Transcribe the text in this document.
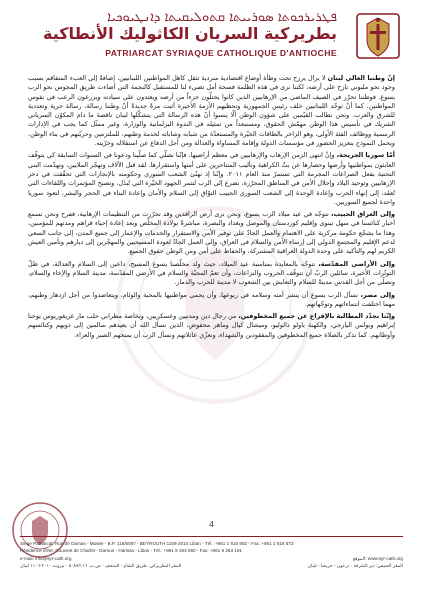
ܦܛܪܝܪܟܘܬܐ ܣܘܪܝܝܬܐ ܩܬܘܠܝܩܝܬܐ ܕܐܢܛܝܘܟܝܐ
بطريركية السريان الكاثوليك الأنطاكية
PATRIARCAT SYRIAQUE CATHOLIQUE D'ANTIOCHE

إنّ وطننا الغالي لبنان لا يزال يرزح تحت وطأة أوضاع اقتصادية متردية تثقل كاهل المواطنين اللبنانيين، إضافةً إلى العبء المتفاقم بسبب وجود نحو مليوني نازح على أرضه، لكننا نرى في هذه الظلمة فسحة أمل تضيء لنا للمستقبل كالنجمة التي أضاءت طريق المجوس نحو الرب يسوع. فوطننا تحرّر في الصيف الماضي من الإرهابيين الذين كانوا يحتلّون جزءاً من أرضه ويعتدون على سيادته ويزرعون الرعب في نفوس المواطنين. كما أنّ توحّد اللبنانيين خلف رئيس الجمهورية وتحظيهم الأزمة الأخيرة أثبت مرةً جديدةً أنّ وطننا رسالة، رسالة حرية وتعددية للشرق والغرب. ونحن نطالب القيّمين على شؤون الوطن ألّا ينسوا أنّ هذه الرسالة التي يتشكّلها لبنان ناقصة ما دام المكوّن السرياني الشريك في تأسيس هذا الوطن مهمّش الحقوق، ومستبعداً من تمثيله في الندوة البرلمانية والوزارة، وغير ممثّل كما يجب في الإدارات الرسمية ووظائف الفئة الأولى، وهو الزاخر بالطاقات الخيّرة والمستعدّة من شبابه وشاباته لخدمة وطنهم، للملتزمين وحريّتهم في بناء الوطن، ويحمل النموذج بتعزيز الحضور في مؤسسات الدولة وإقامة المساواة والعدالة ومن أجل الدفاع عن استقلاله وحرّيته.

أمّا سوريا الجريحة، وإنْ انتهى الزمن الإرهاب والإرهابيين في معظم أراضيها، فإنّنا نصلّي كما صلّينا ودعونا في السنوات السابقة كي يتوقّف العابثون بمواطنيها وأرضها وحصارها عن بثّ الكراهية وتأليب المتناحرين على أمنها واستقرارها. لقد قتل الآلاف وتهجّر الملايين، وتهدّمت البنى التحتية بفعل الصراعات المجرمة التي تستمرّ منذ العام ٢٠١١. وإنّنا إذ نهنّئ الشعب السوري وحكومته بالإنجازات التي تحقّقت في دحر الإرهابيين وتوحيد البلاد وإحلال الأمن في المناطق المحرّرة، نضرع إلى الرب لتثمر الجهود الخيّرة التي تُبذَل، وتصبح المؤتمرات واللقاءات التي تُعقَد، إلى إنهاء الحرب وإعادة الوحدة إلى الشعب السوري الحبيب التوّاق إلى السلام والأمان وإعادة البناء في الحجر والبشر، لتعود سوريا واحدة لجميع السوريين.

وإلى العراق الحبيب، نتوجّه في عيد ميلاد الرب يسوع، ونحن نرى أرض الرافدين وقد تحرّرت من التنظيمات الإرهابية، ففرح ونحن نسمع أخبار كنائسنا في سهل نينوى وإقليم كوردستان والموصل وبغداد والبصرة، مباشرةً بولادة المخلّص وبعد إعادة إحياء قراهم ومدنهم للمؤمنين، وهذا ما يشجّع حكومة مركزية على الاهتمام والعمل الجادّ على توفير الأمن والاستقرار والخدمات والإعمار إلى جميع المدن، إلى جانب السعي لدعم الإقليم والمجتمع الدولي إلى إرساء الأمن والسلام في العراق، وإلى العمل الجادّ لعودة المسيحيين والمهجّرين إلى ديارهم وتأمين العيش الكريم لهم والتأكيد على وحدة الدولة العراقية المشتركة، والحفاظ على أمن ومن الوطن حقوق الجميع.

وإلى الأراضي المقدّسة، نتوجّه بالمعايدة بمناسبة عيد الميلاد، حيث ولد مخلّصنا يسوع المسيح، داعين إلى السلام والعدالة، في ظلّ التوتّرات الأخيرة، سائلين الربّ أن تتوقّف الحروب والنزاعات، وأن تعمّ المحبّة والسلام في الأرضي المقدّسة، مدينة السلام والإخاء والسلام، ونصلّي من أجل القدس مدينةً للسلام والتعايش بين الشعوب لا مدينة للحرب والدمار.

وإلى مصر، نسأل الرب يسوع أن ينشر أمنه وسلامه في ربوعها، وأن يحمي مواطنيها بالمحبة والوئام، ويتعاضدوا من أجل ازدهار وطنهم، مهما اختلفت انتماءاتهم وتوجّهاتهم.

وإنّنا نجدّد المطالبة بالإفراج عن جميع المخطوفين، من رجال دين ومدنيين وعسكريين، وبخاصة مطراني حلب مار غريغوريوس يوحنا إبراهيم وبولس اليازجي، والكهنة باولو دالوليو، وميشال كيال وماهر محفوض، الذين نسأل الله أن يعيدهم سالمين إلى ذويهم وكنائسهم وأوطانهم. كما نذكر بالصلاة جميع المخطوفين والمفقودين والشهداء، ونعزّي عائلاتهم ونسأل الرب أن يمنحهم الصبر والعزاء.

4
Siège Patriarcal: Rue de Damas - Musée - B.P. 116/5087 - BEYROUTH 1106-2010 Liban - Tél.: +961 1 615 892 - Fax: +961 1 616 573
Résidence d'été: Couvent de Charfet - Daroun - Harissa - Liban - Tél.: +961 9 263 060 - Fax: +961 9 263 101
e-mail: info@syr-cath.org	www.syr-cath.org :الموقع
المقر البطريركي: طريق الشام - المتحف - ص.ب. ٥٠٨٧/١١٦ - بيروت ٢٠١٠-١١٠٦ لبنان	المقر الصيفي: دير الشرفة - درعون - حريصا - لبنان
